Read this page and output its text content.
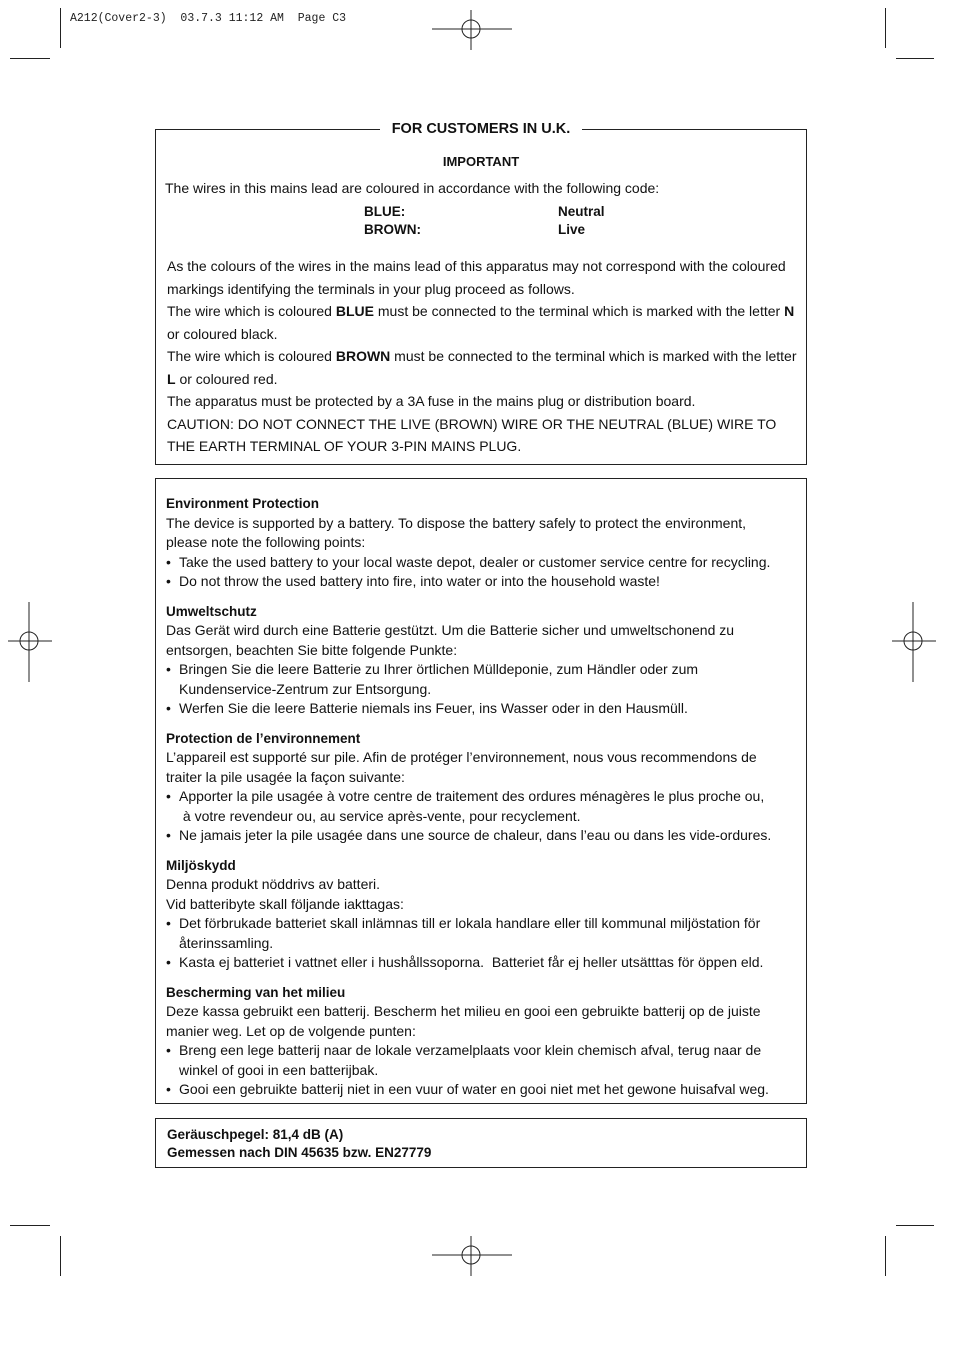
A212(Cover2-3)  03.7.3 11:12 AM  Page C3
FOR CUSTOMERS IN U.K.
IMPORTANT
The wires in this mains lead are coloured in accordance with the following code:
BLUE:	Neutral
BROWN:	Live

As the colours of the wires in the mains lead of this apparatus may not correspond with the coloured markings identifying the terminals in your plug proceed as follows.

The wire which is coloured BLUE must be connected to the terminal which is marked with the letter N or coloured black.

The wire which is coloured BROWN must be connected to the terminal which is marked with the letter L or coloured red.

The apparatus must be protected by a 3A fuse in the mains plug or distribution board.

CAUTION: DO NOT CONNECT THE LIVE (BROWN) WIRE OR THE NEUTRAL (BLUE) WIRE TO THE EARTH TERMINAL OF YOUR 3-PIN MAINS PLUG.

Environment Protection
The device is supported by a battery. To dispose the battery safely to protect the environment,
please note the following points:
• Take the used battery to your local waste depot, dealer or customer service centre for recycling.
• Do not throw the used battery into fire, into water or into the household waste!
Umweltschutz
Das Gerät wird durch eine Batterie gestützt. Um die Batterie sicher und umweltschonend zu
entsorgen, beachten Sie bitte folgende Punkte:
• Bringen Sie die leere Batterie zu Ihrer örtlichen Mülldeponie, zum Händler oder zum
Kundenservice-Zentrum zur Entsorgung.
• Werfen Sie die leere Batterie niemals ins Feuer, ins Wasser oder in den Hausmüll.
Protection de l’environnement
L’appareil est supporté sur pile. Afin de protéger l’environnement, nous vous recommendons de
traiter la pile usagée la façon suivante:
• Apporter la pile usagée à votre centre de traitement des ordures ménagères le plus proche ou,
à votre revendeur ou, au service après-vente, pour recyclement.
• Ne jamais jeter la pile usagée dans une source de chaleur, dans l’eau ou dans les vide-ordures.
Miljöskydd
Denna produkt nöddrivs av batteri.
Vid batteribyte skall följande iakttagas:
• Det förbrukade batteriet skall inlämnas till er lokala handlare eller till kommunal miljöstation för
återinssamling.
• Kasta ej batteriet i vattnet eller i hushållssoporna.  Batteriet får ej heller utsätttas för öppen eld.
Bescherming van het milieu
Deze kassa gebruikt een batterij. Bescherm het milieu en gooi een gebruikte batterij op de juiste
manier weg. Let op de volgende punten:
• Breng een lege batterij naar de lokale verzamelplaats voor klein chemisch afval, terug naar de
winkel of gooi in een batterijbak.
• Gooi een gebruikte batterij niet in een vuur of water en gooi niet met het gewone huisafval weg.
Geräuschpegel: 81,4 dB (A)
Gemessen nach DIN 45635 bzw. EN27779
